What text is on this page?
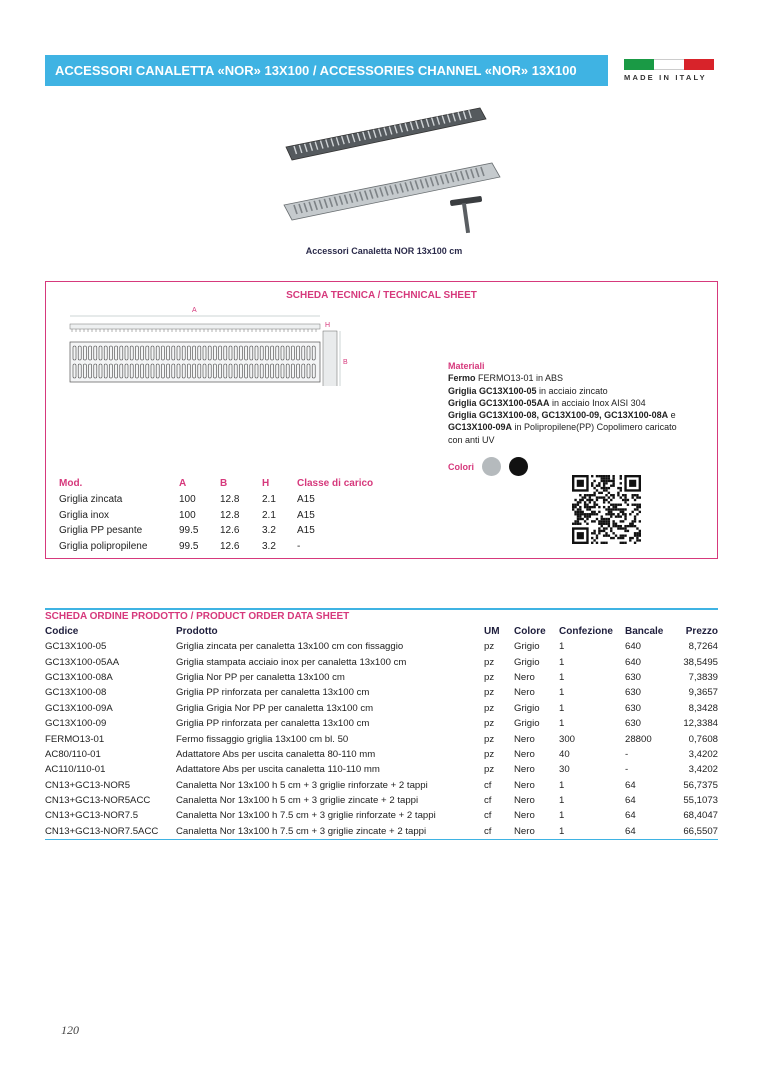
ACCESSORI CANALETTA «NOR» 13X100 / ACCESSORIES CHANNEL «NOR» 13X100	MADE IN ITALY
Accessori Canaletta NOR 13x100 cm
SCHEDA TECNICA / TECHNICAL SHEET
A
H
B	Materiali
Fermo FERMO13-01 in ABS
Griglia GC13X100-05 in acciaio zincato
Griglia GC13X100-05AA in acciaio Inox AISI 304
Griglia GC13X100-08, GC13X100-09, GC13X100-08A e
GC13X100-09A in Polipropilene(PP) Copolimero caricato
con anti UV
Colori
Mod.	A	B	H	Classe di carico
Griglia zincata	100	12.8	2.1	A15
Griglia inox	100	12.8	2.1	A15
Griglia PP pesante	99.5	12.6	3.2	A15
Griglia polipropilene	99.5	12.6	3.2	-
SCHEDA ORDINE PRODOTTO / PRODUCT ORDER DATA SHEET
Codice	Prodotto	UM	Colore	Confezione	Bancale	Prezzo
GC13X100-05	Griglia zincata per canaletta 13x100 cm con fissaggio	pz	Grigio	1	640	8,7264
GC13X100-05AA	Griglia stampata acciaio inox per canaletta 13x100 cm	pz	Grigio	1	640	38,5495
GC13X100-08A	Griglia Nor PP per canaletta 13x100 cm	pz	Nero	1	630	7,3839
GC13X100-08	Griglia PP rinforzata per canaletta 13x100 cm	pz	Nero	1	630	9,3657
GC13X100-09A	Griglia Grigia Nor PP per canaletta 13x100 cm	pz	Grigio	1	630	8,3428
GC13X100-09	Griglia PP rinforzata per canaletta 13x100 cm	pz	Grigio	1	630	12,3384
FERMO13-01	Fermo fissaggio griglia 13x100 cm bl. 50	pz	Nero	300	28800	0,7608
AC80/110-01	Adattatore Abs per uscita canaletta 80-110 mm	pz	Nero	40	-	3,4202
AC110/110-01	Adattatore Abs per uscita canaletta 110-110 mm	pz	Nero	30	-	3,4202
CN13+GC13-NOR5	Canaletta Nor 13x100 h 5 cm + 3 griglie rinforzate + 2 tappi	cf	Nero	1	64	56,7375
CN13+GC13-NOR5ACC	Canaletta Nor 13x100 h 5 cm + 3 griglie zincate + 2 tappi	cf	Nero	1	64	55,1073
CN13+GC13-NOR7.5	Canaletta Nor 13x100 h 7.5 cm + 3 griglie rinforzate + 2 tappi	cf	Nero	1	64	68,4047
CN13+GC13-NOR7.5ACC	Canaletta Nor 13x100 h 7.5 cm + 3 griglie zincate + 2 tappi	cf	Nero	1	64	66,5507
120
